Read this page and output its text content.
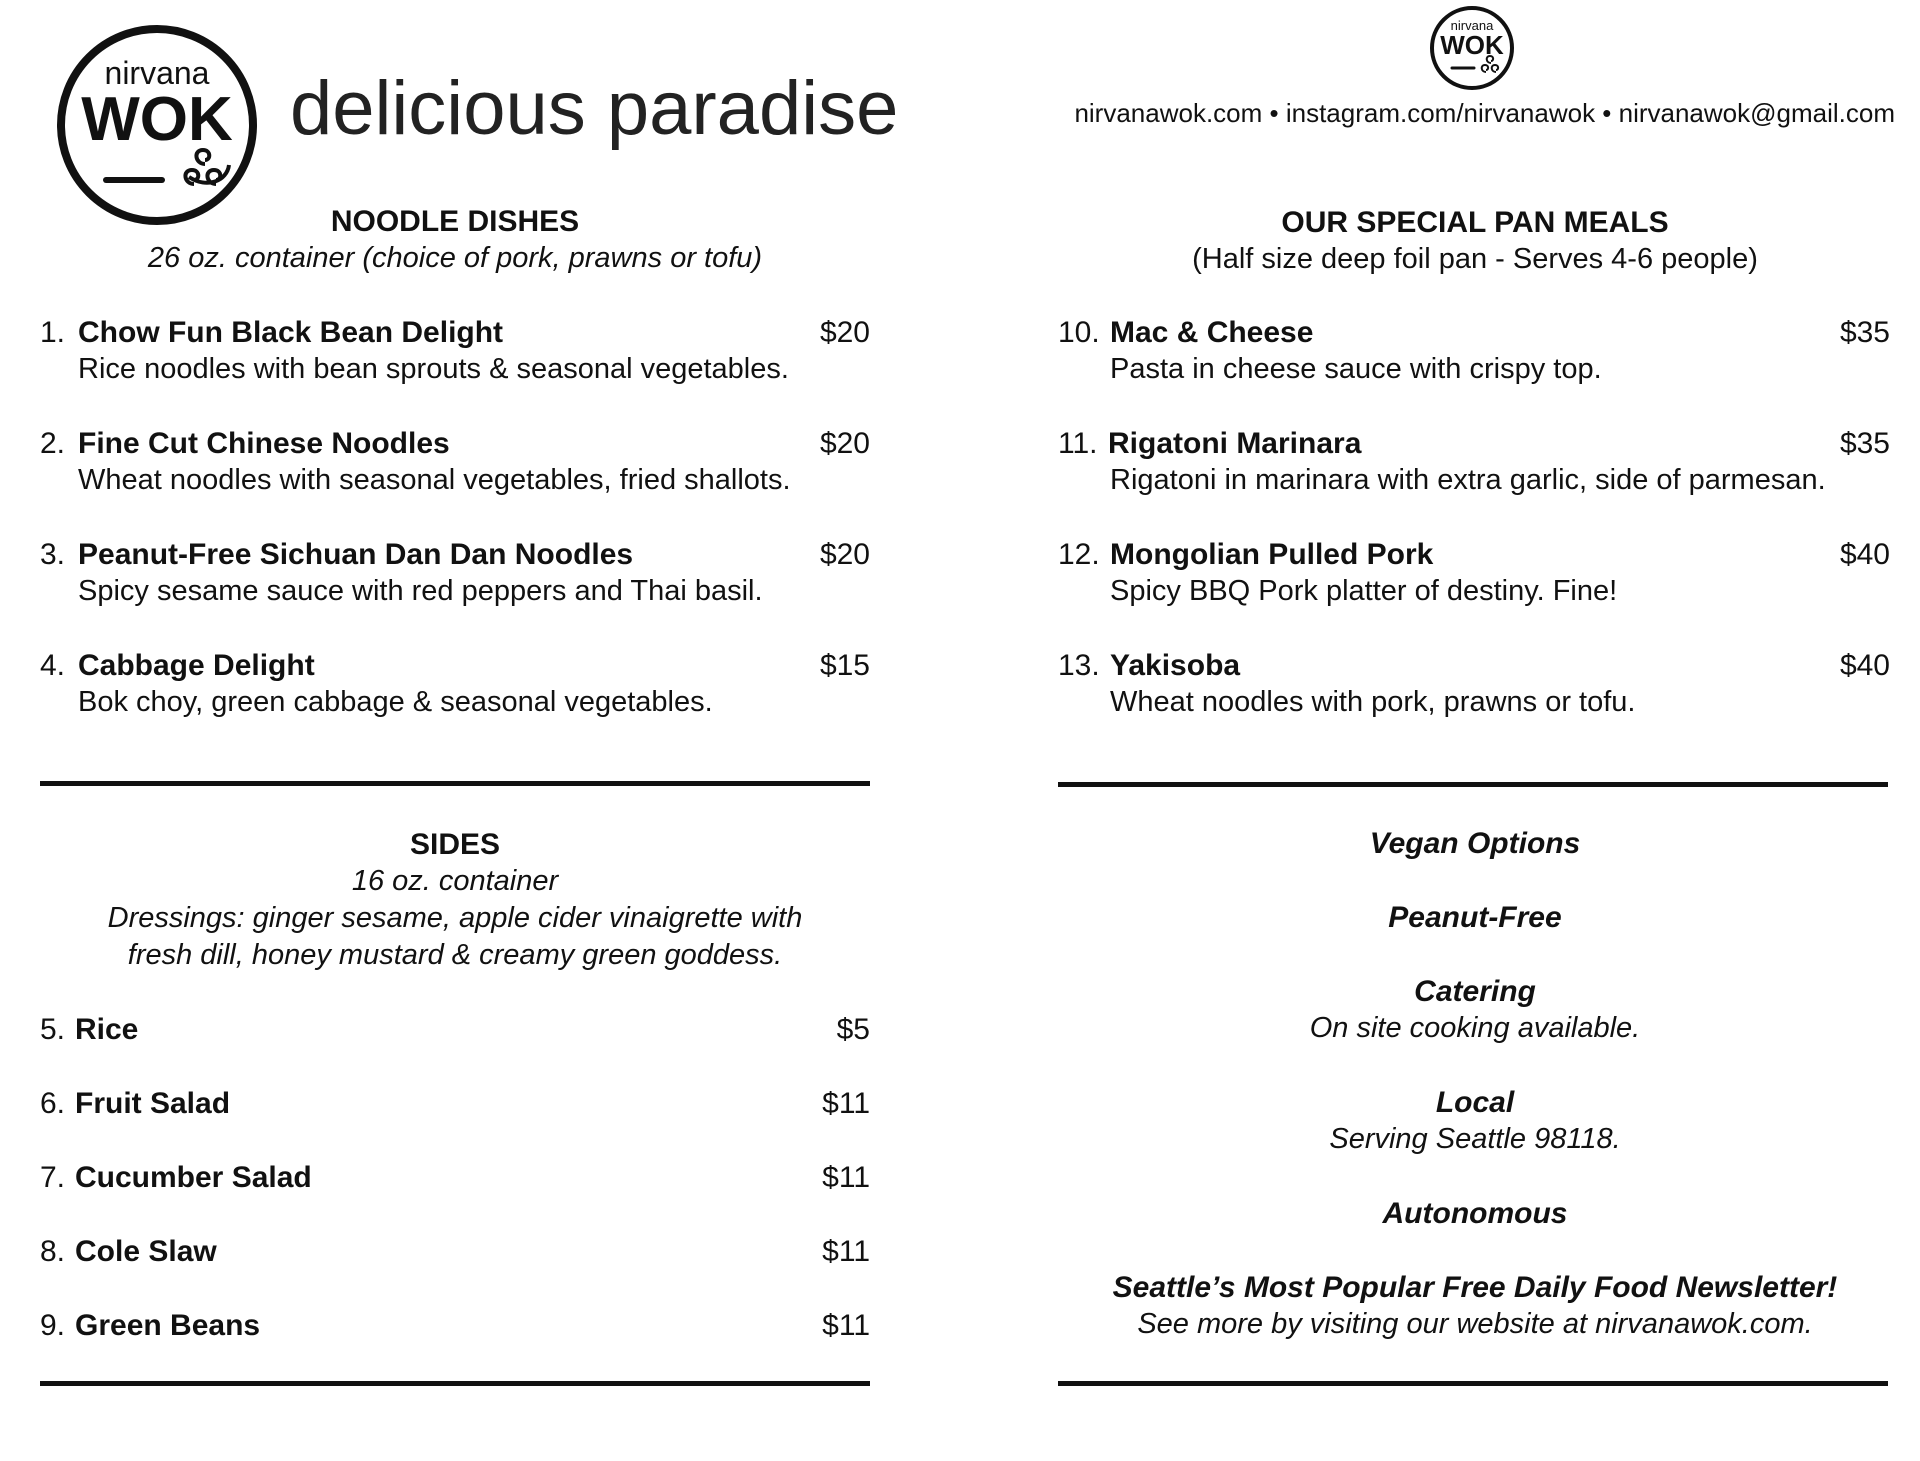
nirvana
WOK delicious paradise
nirvana
WOK
nirvanawok.com • instagram.com/nirvanawok • nirvanawok@gmail.com
NOODLE DISHES
26 oz. container (choice of pork, prawns or tofu)
1. Chow Fun Black Bean Delight	$20
Rice noodles with bean sprouts & seasonal vegetables.
2. Fine Cut Chinese Noodles	$20
Wheat noodles with seasonal vegetables, fried shallots.
3. Peanut-Free Sichuan Dan Dan Noodles	$20
Spicy sesame sauce with red peppers and Thai basil.
4. Cabbage Delight	$15
Bok choy, green cabbage & seasonal vegetables.
OUR SPECIAL PAN MEALS
(Half size deep foil pan - Serves 4-6 people)
10. Mac & Cheese	$35
Pasta in cheese sauce with crispy top.
11. Rigatoni Marinara	$35
Rigatoni in marinara with extra garlic, side of parmesan.
12. Mongolian Pulled Pork	$40
Spicy BBQ Pork platter of destiny. Fine!
13. Yakisoba	$40
Wheat noodles with pork, prawns or tofu.
SIDES
16 oz. container
Dressings: ginger sesame, apple cider vinaigrette with
fresh dill, honey mustard & creamy green goddess.
5. Rice	$5
6. Fruit Salad	$11
7. Cucumber Salad	$11
8. Cole Slaw	$11
9. Green Beans	$11
Vegan Options
Peanut-Free
Catering
On site cooking available.
Local
Serving Seattle 98118.
Autonomous
Seattle’s Most Popular Free Daily Food Newsletter!
See more by visiting our website at nirvanawok.com.
